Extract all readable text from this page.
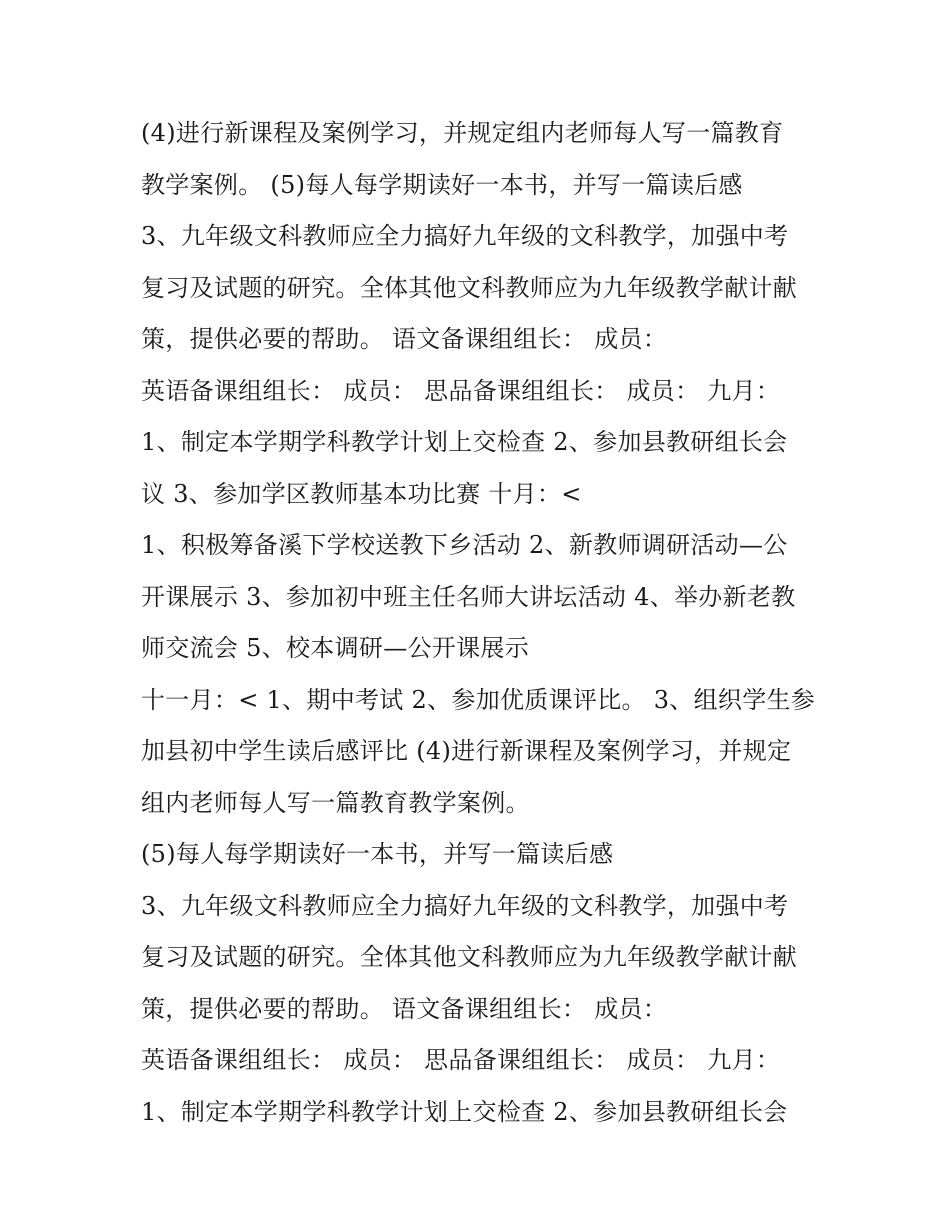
(4)进行新课程及案例学习，并规定组内老师每人写一篇教育
教学案例。 (5)每人每学期读好一本书，并写一篇读后感
3、九年级文科教师应全力搞好九年级的文科教学，加强中考
复习及试题的研究。全体其他文科教师应为九年级教学献计献
策，提供必要的帮助。 语文备课组组长： 成员：
英语备课组组长： 成员： 思品备课组组长： 成员： 九月：
1、制定本学期学科教学计划上交检查 2、参加县教研组长会
议 3、参加学区教师基本功比赛 十月：<
1、积极筹备溪下学校送教下乡活动 2、新教师调研活动—公
开课展示 3、参加初中班主任名师大讲坛活动 4、举办新老教
师交流会 5、校本调研—公开课展示
十一月：< 1、期中考试 2、参加优质课评比。 3、组织学生参
加县初中学生读后感评比 (4)进行新课程及案例学习，并规定
组内老师每人写一篇教育教学案例。
(5)每人每学期读好一本书，并写一篇读后感
3、九年级文科教师应全力搞好九年级的文科教学，加强中考
复习及试题的研究。全体其他文科教师应为九年级教学献计献
策，提供必要的帮助。 语文备课组组长： 成员：
英语备课组组长： 成员： 思品备课组组长： 成员： 九月：
1、制定本学期学科教学计划上交检查 2、参加县教研组长会
